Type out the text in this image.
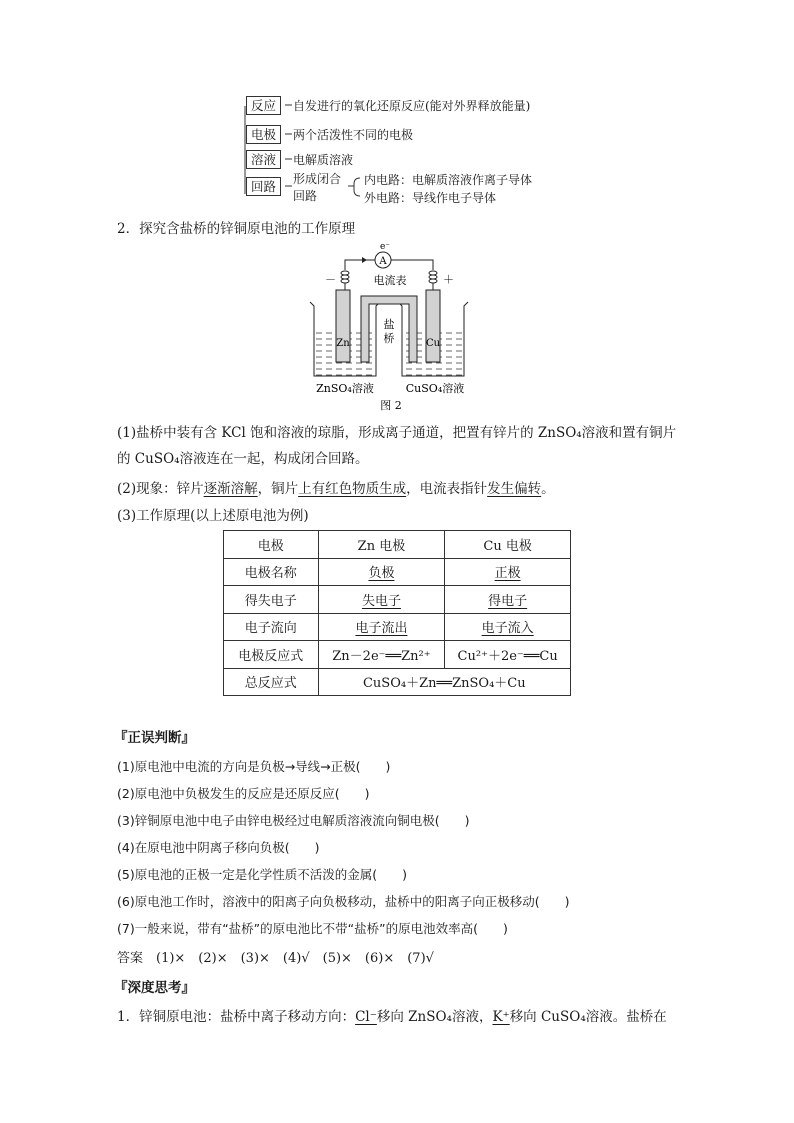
反应	自发进行的氧化还原反应(能对外界释放能量)
电极	两个活泼性不同的电极
溶液	电解质溶液
回路	形成闭合回路
内电路：电解质溶液作离子导体
外电路：导线作电子导体
2．探究含盐桥的锌铜原电池的工作原理
A
e⁻
－	＋
电流表
Zn	Cu
盐
桥
ZnSO₄溶液	CuSO₄溶液
图 2
(1)盐桥中装有含 KCl 饱和溶液的琼脂，形成离子通道，把置有锌片的 ZnSO₄溶液和置有铜片
的 CuSO₄溶液连在一起，构成闭合回路。
(2)现象：锌片逐渐溶解，铜片上有红色物质生成，电流表指针发生偏转。
(3)工作原理(以上述原电池为例)
电极	Zn 电极	Cu 电极
电极名称	负极	正极
得失电子	失电子	得电子
电子流向	电子流出	电子流入
电极反应式	Zn－2e⁻══Zn²⁺	Cu²⁺＋2e⁻══Cu
总反应式	CuSO₄＋Zn══ZnSO₄＋Cu	
『正误判断』
(1)原电池中电流的方向是负极→导线→正极(　　)
(2)原电池中负极发生的反应是还原反应(　　)
(3)锌铜原电池中电子由锌电极经过电解质溶液流向铜电极(　　)
(4)在原电池中阴离子移向负极(　　)
(5)原电池的正极一定是化学性质不活泼的金属(　　)
(6)原电池工作时，溶液中的阳离子向负极移动，盐桥中的阳离子向正极移动(　　)
(7)一般来说，带有“盐桥”的原电池比不带“盐桥”的原电池效率高(　　)
答案　(1)×　(2)×　(3)×　(4)√　(5)×　(6)×　(7)√
『深度思考』
1．锌铜原电池：盐桥中离子移动方向：Cl⁻移向 ZnSO₄溶液，K⁺移向 CuSO₄溶液。盐桥在
